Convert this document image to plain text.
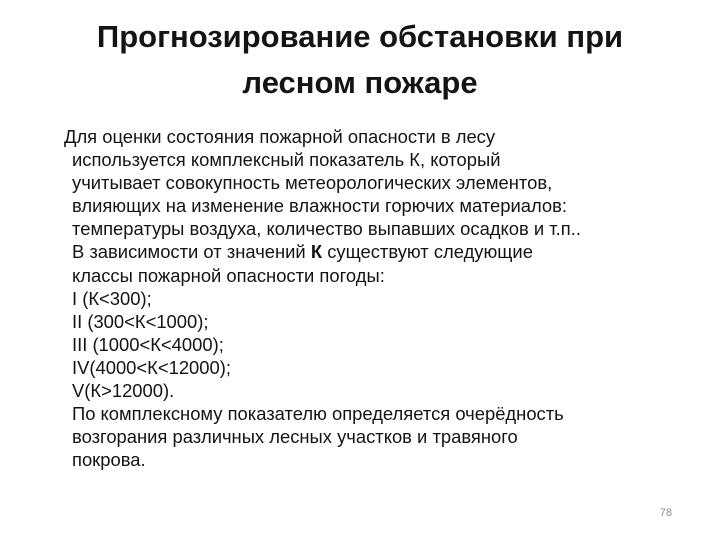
Прогнозирование обстановки при
лесном пожаре
Для оценки состояния пожарной опасности в лесу
используется комплексный показатель К, который
учитывает совокупность метеорологических элементов,
влияющих на изменение влажности горючих материалов:
температуры воздуха, количество выпавших осадков и т.п..
В зависимости от значений К существуют следующие
классы пожарной опасности погоды:
I (К<300);
II (300<К<1000);
III (1000<К<4000);
IV(4000<К<12000);
V(К>12000).
По комплексному показателю определяется очерёдность
возгорания различных лесных участков и травяного
покрова.
78
